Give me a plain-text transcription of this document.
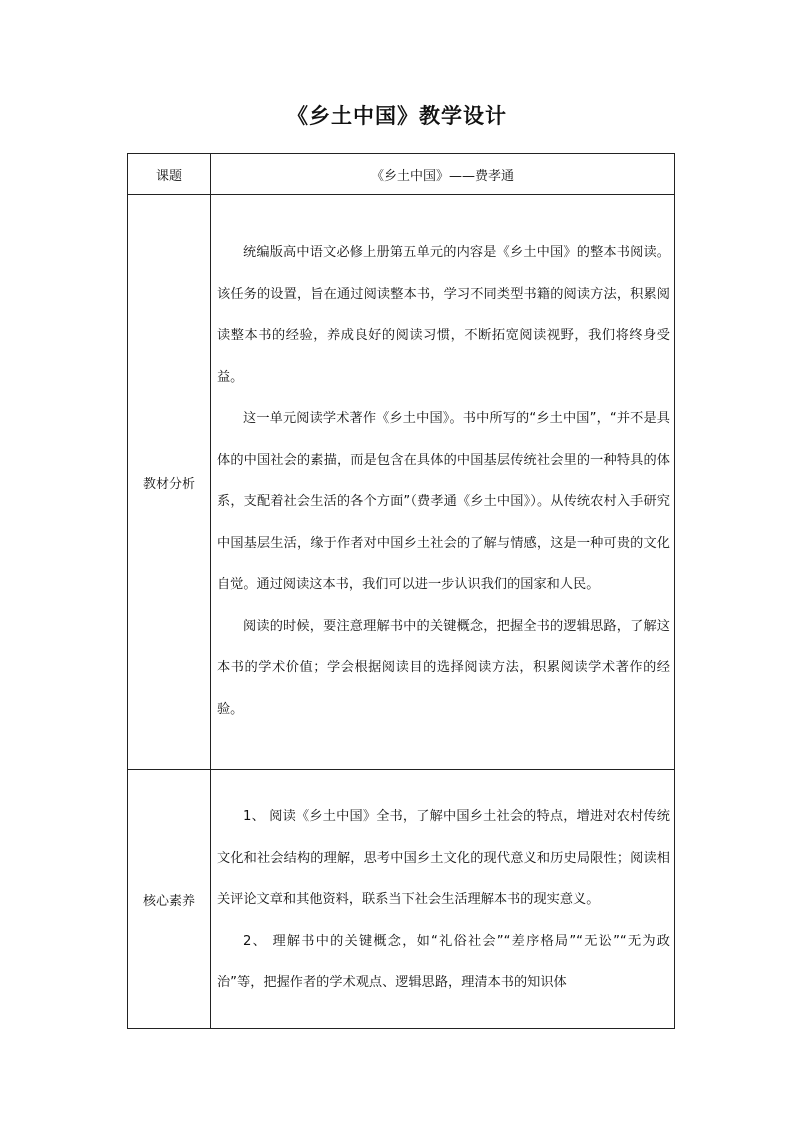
《乡土中国》教学设计
课题	《乡土中国》——费孝通
教材分析	统编版高中语文必修上册第五单元的内容是《乡土中国》的整本书阅读。该任务的设置，旨在通过阅读整本书，学习不同类型书籍的阅读方法，积累阅读整本书的经验，养成良好的阅读习惯，不断拓宽阅读视野，我们将终身受益。

这一单元阅读学术著作《乡土中国》。书中所写的“乡土中国”，“并不是具体的中国社会的素描，而是包含在具体的中国基层传统社会里的一种特具的体系，支配着社会生活的各个方面”（费孝通《乡土中国》）。从传统农村入手研究中国基层生活，缘于作者对中国乡土社会的了解与情感，这是一种可贵的文化自觉。通过阅读这本书，我们可以进一步认识我们的国家和人民。

阅读的时候，要注意理解书中的关键概念，把握全书的逻辑思路，了解这本书的学术价值；学会根据阅读目的选择阅读方法，积累阅读学术著作的经验。

核心素养	1、 阅读《乡土中国》全书，了解中国乡土社会的特点，增进对农村传统文化和社会结构的理解，思考中国乡土文化的现代意义和历史局限性；阅读相关评论文章和其他资料，联系当下社会生活理解本书的现实意义。

2、 理解书中的关键概念，如“礼俗社会”“差序格局”“无讼”“无为政治”等，把握作者的学术观点、逻辑思路，理清本书的知识体
